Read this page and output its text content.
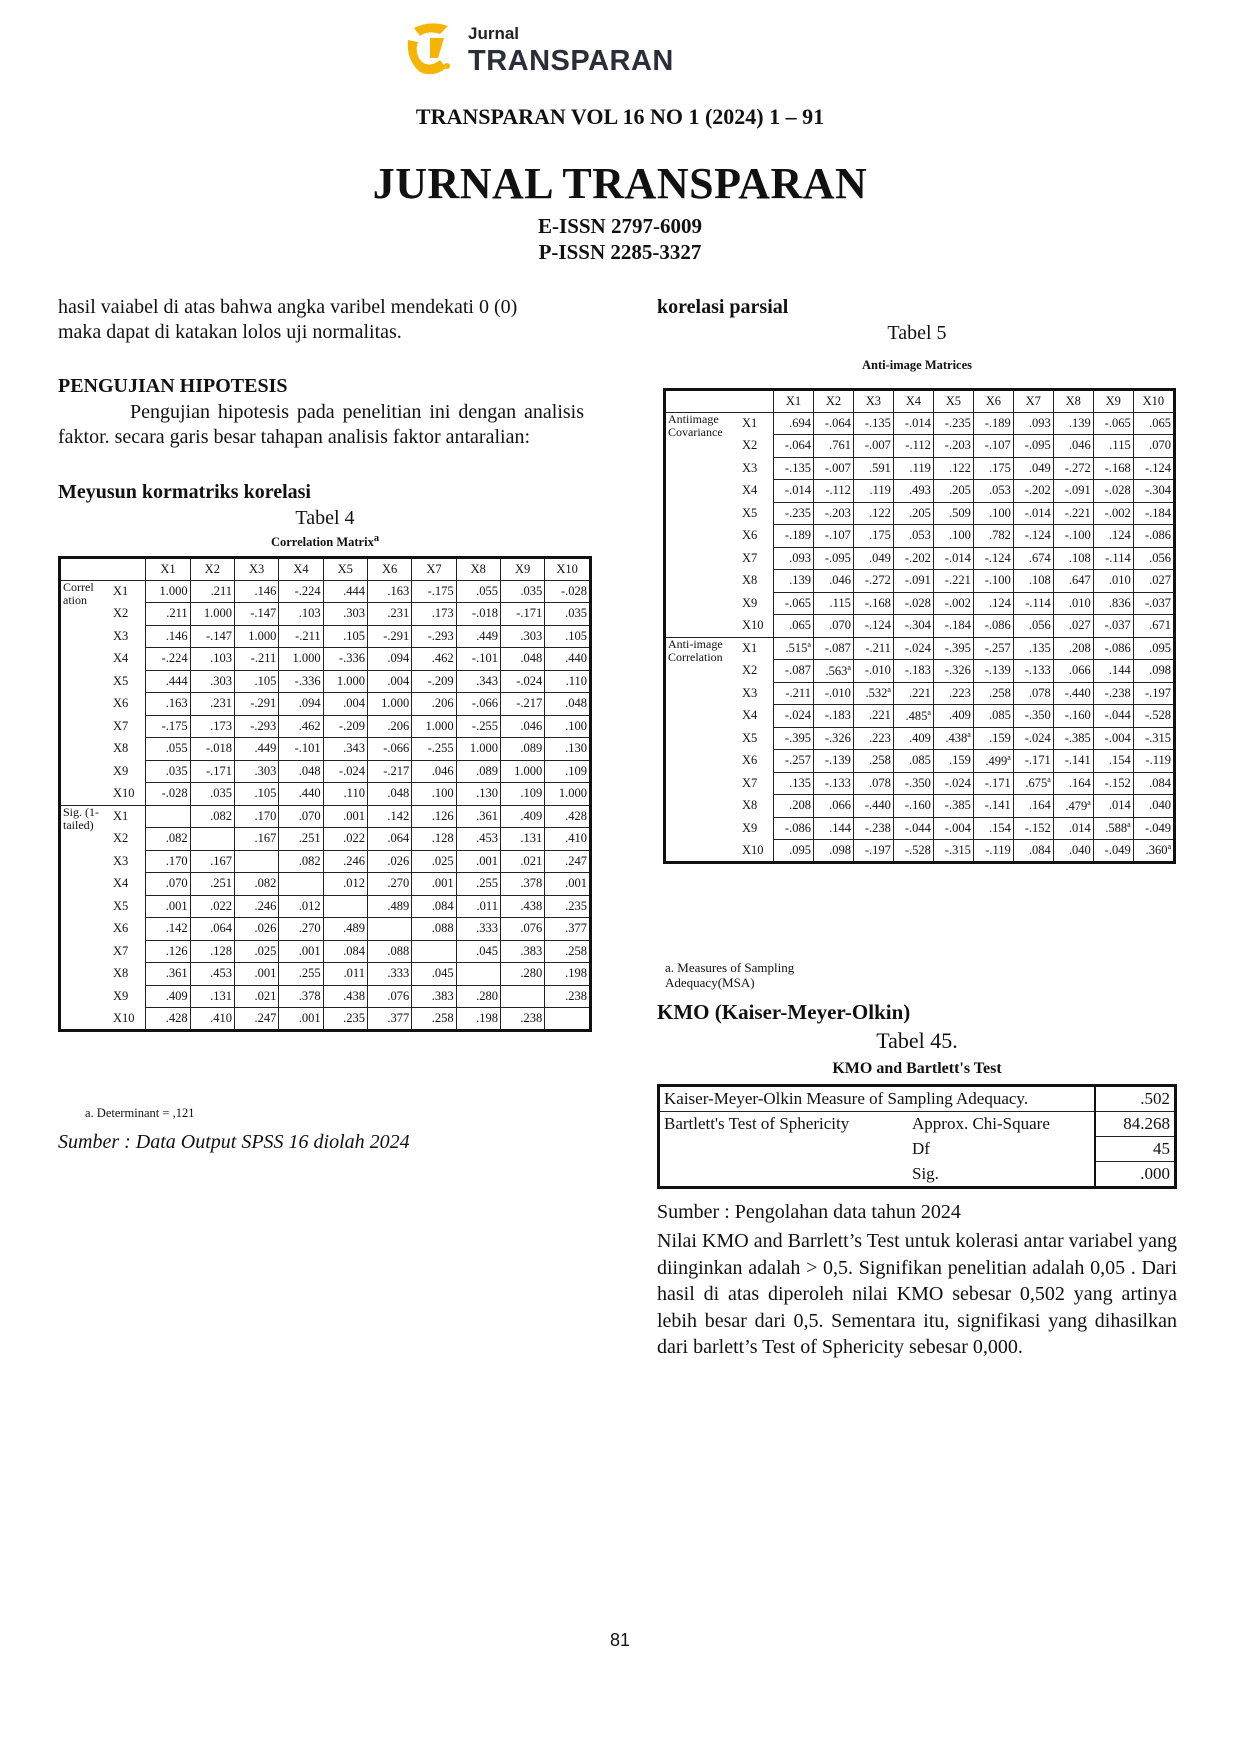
Jurnal
TRANSPARAN
TRANSPARAN VOL 16 NO 1 (2024) 1 – 91
JURNAL TRANSPARAN
E-ISSN 2797-6009
P-ISSN 2285-3327
hasil vaiabel di atas bahwa angka varibel mendekati 0 (0)
maka dapat di katakan lolos uji normalitas.
PENGUJIAN HIPOTESIS
Pengujian hipotesis pada penelitian ini dengan analisis faktor. secara garis besar tahapan analisis faktor antaralian:
Meyusun kormatriks korelasi
Tabel 4
Correlation Matrix$^a$
		X1	X2	X3	X4	X5	X6	X7	X8	X9	X10
Correl ation	X1	1.000	.211	.146	-.224	.444	.163	-.175	.055	.035	-.028
	X2	.211	1.000	-.147	.103	.303	.231	.173	-.018	-.171	.035
	X3	.146	-.147	1.000	-.211	.105	-.291	-.293	.449	.303	.105
	X4	-.224	.103	-.211	1.000	-.336	.094	.462	-.101	.048	.440
	X5	.444	.303	.105	-.336	1.000	.004	-.209	.343	-.024	.110
	X6	.163	.231	-.291	.094	.004	1.000	.206	-.066	-.217	.048
	X7	-.175	.173	-.293	.462	-.209	.206	1.000	-.255	.046	.100
	X8	.055	-.018	.449	-.101	.343	-.066	-.255	1.000	.089	.130
	X9	.035	-.171	.303	.048	-.024	-.217	.046	.089	1.000	.109
	X10	-.028	.035	.105	.440	.110	.048	.100	.130	.109	1.000
Sig. (1-tailed)	X1		.082	.170	.070	.001	.142	.126	.361	.409	.428
	X2	.082		.167	.251	.022	.064	.128	.453	.131	.410
	X3	.170	.167		.082	.246	.026	.025	.001	.021	.247
	X4	.070	.251	.082		.012	.270	.001	.255	.378	.001
	X5	.001	.022	.246	.012		.489	.084	.011	.438	.235
	X6	.142	.064	.026	.270	.489		.088	.333	.076	.377
	X7	.126	.128	.025	.001	.084	.088		.045	.383	.258
	X8	.361	.453	.001	.255	.011	.333	.045		.280	.198
	X9	.409	.131	.021	.378	.438	.076	.383	.280		.238
	X10	.428	.410	.247	.001	.235	.377	.258	.198	.238	
a. Determinant = ,121
Sumber : Data Output SPSS 16 diolah 2024
korelasi parsial
Tabel 5
Anti-image Matrices
		X1	X2	X3	X4	X5	X6	X7	X8	X9	X10
Antiimage Covariance	X1	.694	-.064	-.135	-.014	-.235	-.189	.093	.139	-.065	.065
	X2	-.064	.761	-.007	-.112	-.203	-.107	-.095	.046	.115	.070
	X3	-.135	-.007	.591	.119	.122	.175	.049	-.272	-.168	-.124
	X4	-.014	-.112	.119	.493	.205	.053	-.202	-.091	-.028	-.304
	X5	-.235	-.203	.122	.205	.509	.100	-.014	-.221	-.002	-.184
	X6	-.189	-.107	.175	.053	.100	.782	-.124	-.100	.124	-.086
	X7	.093	-.095	.049	-.202	-.014	-.124	.674	.108	-.114	.056
	X8	.139	.046	-.272	-.091	-.221	-.100	.108	.647	.010	.027
	X9	-.065	.115	-.168	-.028	-.002	.124	-.114	.010	.836	-.037
	X10	.065	.070	-.124	-.304	-.184	-.086	.056	.027	-.037	.671
Anti-image Correlation	X1	.515$^a$	-.087	-.211	-.024	-.395	-.257	.135	.208	-.086	.095
	X2	-.087	.563$^a$	-.010	-.183	-.326	-.139	-.133	.066	.144	.098
	X3	-.211	-.010	.532$^a$	.221	.223	.258	.078	-.440	-.238	-.197
	X4	-.024	-.183	.221	.485$^a$	.409	.085	-.350	-.160	-.044	-.528
	X5	-.395	-.326	.223	.409	.438$^a$	.159	-.024	-.385	-.004	-.315
	X6	-.257	-.139	.258	.085	.159	.499$^a$	-.171	-.141	.154	-.119
	X7	.135	-.133	.078	-.350	-.024	-.171	.675$^a$	.164	-.152	.084
	X8	.208	.066	-.440	-.160	-.385	-.141	.164	.479$^a$	.014	.040
	X9	-.086	.144	-.238	-.044	-.004	.154	-.152	.014	.588$^a$	-.049
	X10	.095	.098	-.197	-.528	-.315	-.119	.084	.040	-.049	.360$^a$
a. Measures of Sampling
Adequacy(MSA)
KMO (Kaiser-Meyer-Olkin)
Tabel 45.
KMO and Bartlett's Test
Kaiser-Meyer-Olkin Measure of Sampling Adequacy.		.502
Bartlett's Test of Sphericity	Approx. Chi-Square	84.268
	Df	45
	Sig.	.000
Sumber : Pengolahan data tahun 2024
Nilai KMO and Barrlett’s Test untuk kolerasi antar variabel yang diinginkan adalah > 0,5. Signifikan penelitian adalah 0,05 . Dari hasil di atas diperoleh nilai KMO sebesar 0,502 yang artinya lebih besar dari 0,5. Sementara itu, signifikasi yang dihasilkan dari barlett’s Test of Sphericity sebesar 0,000.
81
